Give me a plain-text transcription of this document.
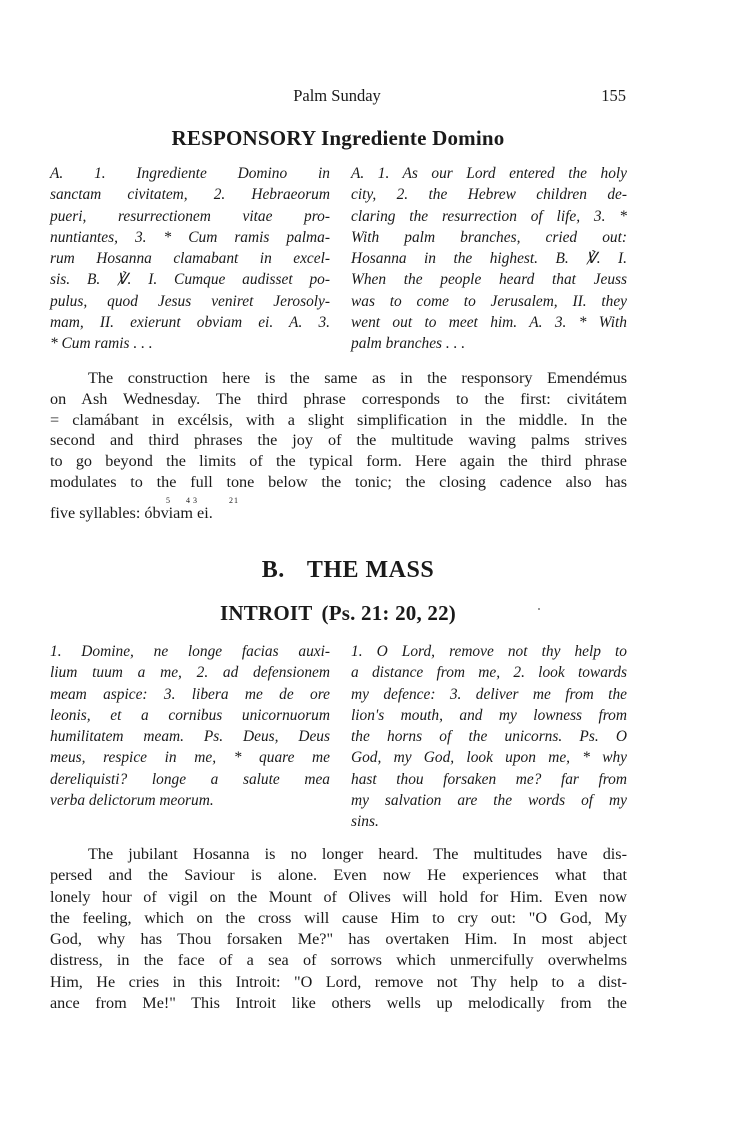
Palm Sunday	155
RESPONSORY Ingrediente Domino
A. 1. Ingrediente Domino in
sanctam civitatem, 2. Hebraeorum
pueri, resurrectionem vitae pro-
nuntiantes, 3. * Cum ramis palma-
rum Hosanna clamabant in excel-
sis. B. ℣. I. Cumque audisset po-
pulus, quod Jesus veniret Jerosoly-
mam, II. exierunt obviam ei. A. 3.
* Cum ramis . . .
A. 1. As our Lord entered the holy
city, 2. the Hebrew children de-
claring the resurrection of life, 3. *
With palm branches, cried out:
Hosanna in the highest. B. ℣. I.
When the people heard that Jeuss
was to come to Jerusalem, II. they
went out to meet him. A. 3. * With
palm branches . . .
The construction here is the same as in the responsory Emendémus
on Ash Wednesday. The third phrase corresponds to the first: civitátem
= clamábant in excélsis, with a slight simplification in the middle. In the
second and third phrases the joy of the multitude waving palms strives
to go beyond the limits of the typical form. Here again the third phrase
modulates to the full tone below the tonic; the closing cadence also has
five syllables: óbviam ei.
5 4 3	2 1
B. THE MASS
INTROIT (Ps. 21: 20, 22)
1. Domine, ne longe facias auxi-
lium tuum a me, 2. ad defensionem
meam aspice: 3. libera me de ore
leonis, et a cornibus unicornuorum
humilitatem meam. Ps. Deus, Deus
meus, respice in me, * quare me
dereliquisti? longe a salute mea
verba delictorum meorum.
1. O Lord, remove not thy help to
a distance from me, 2. look towards
my defence: 3. deliver me from the
lion's mouth, and my lowness from
the horns of the unicorns. Ps. O
God, my God, look upon me, * why
hast thou forsaken me? far from
my salvation are the words of my
sins.
The jubilant Hosanna is no longer heard. The multitudes have dis-
persed and the Saviour is alone. Even now He experiences what that
lonely hour of vigil on the Mount of Olives will hold for Him. Even now
the feeling, which on the cross will cause Him to cry out: "O God, My
God, why has Thou forsaken Me?" has overtaken Him. In most abject
distress, in the face of a sea of sorrows which unmercifully overwhelms
Him, He cries in this Introit: "O Lord, remove not Thy help to a dist-
ance from Me!" This Introit like others wells up melodically from the
